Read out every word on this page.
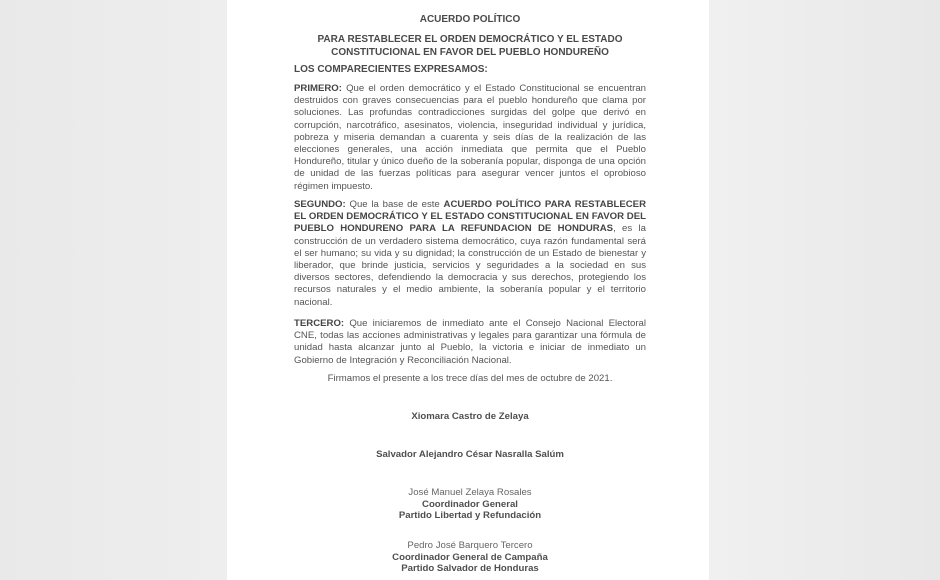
ACUERDO POLÍTICO
PARA RESTABLECER EL ORDEN DEMOCRÁTICO Y EL ESTADO
CONSTITUCIONAL EN FAVOR DEL PUEBLO HONDUREÑO
LOS COMPARECIENTES EXPRESAMOS:
PRIMERO: Que el orden democrático y el Estado Constitucional se encuentran destruidos con graves consecuencias para el pueblo hondureño que clama por soluciones. Las profundas contradicciones surgidas del golpe que derivó en corrupción, narcotráfico, asesinatos, violencia, inseguridad individual y jurídica, pobreza y miseria demandan a cuarenta y seis días de la realización de las elecciones generales, una acción inmediata que permita que el Pueblo Hondureño, titular y único dueño de la soberanía popular, disponga de una opción de unidad de las fuerzas políticas para asegurar vencer juntos el oprobioso régimen impuesto.
SEGUNDO: Que la base de este ACUERDO POLÍTICO PARA RESTABLECER EL ORDEN DEMOCRÁTICO Y EL ESTADO CONSTITUCIONAL EN FAVOR DEL PUEBLO HONDURENO PARA LA REFUNDACION DE HONDURAS, es la construcción de un verdadero sistema democrático, cuya razón fundamental será el ser humano; su vida y su dignidad; la construcción de un Estado de bienestar y liberador, que brinde justicia, servicios y seguridades a la sociedad en sus diversos sectores, defendiendo la democracia y sus derechos, protegiendo los recursos naturales y el medio ambiente, la soberanía popular y el territorio nacional.
TERCERO: Que iniciaremos de inmediato ante el Consejo Nacional Electoral CNE, todas las acciones administrativas y legales para garantizar una fórmula de unidad hasta alcanzar junto al Pueblo, la victoria e iniciar de inmediato un Gobierno de Integración y Reconciliación Nacional.
Firmamos el presente a los trece días del mes de octubre de 2021.
Xiomara Castro de Zelaya
Salvador Alejandro César Nasralla Salúm
José Manuel Zelaya Rosales
Coordinador General
Partido Libertad y Refundación
Pedro José Barquero Tercero
Coordinador General de Campaña
Partido Salvador de Honduras
